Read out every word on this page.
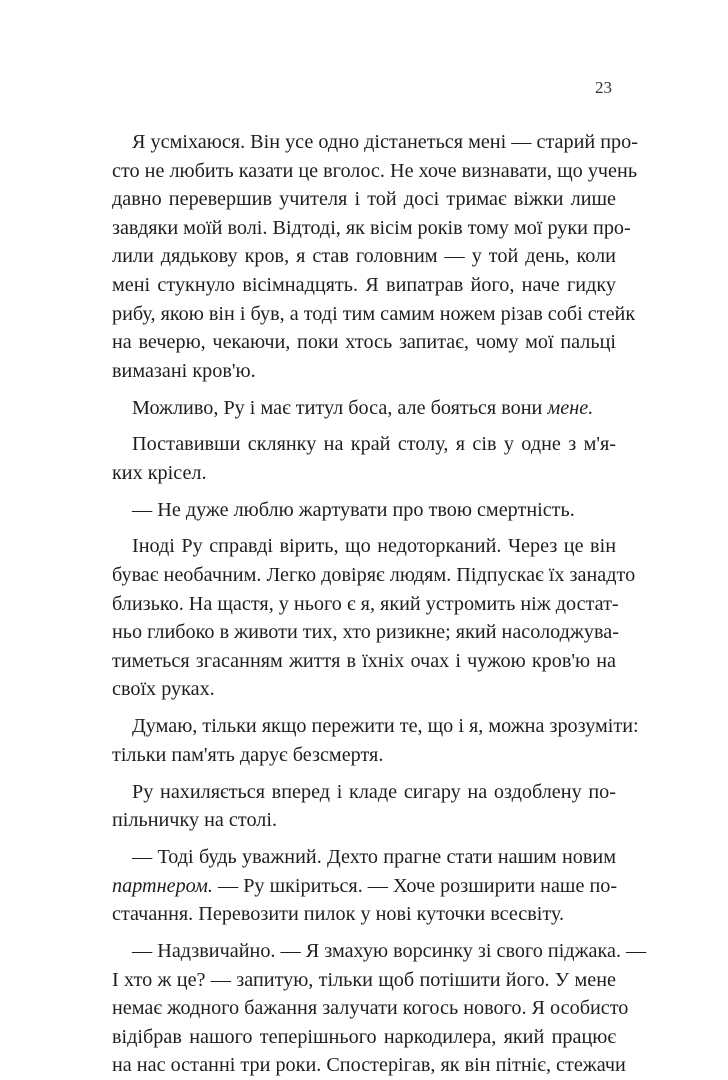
23
Я усміхаюся. Він усе одно дістанеться мені — старий про-
сто не любить казати це вголос. Не хоче визнавати, що учень
давно перевершив учителя і той досі тримає віжки лише
завдяки моїй волі. Відтоді, як вісім років тому мої руки про-
лили дядькову кров, я став головним — у той день, коли
мені стукнуло вісімнадцять. Я випатрав його, наче гидку
рибу, якою він і був, а тоді тим самим ножем різав собі стейк
на вечерю, чекаючи, поки хтось запитає, чому мої пальці
вимазані кров'ю.
Можливо, Ру і має титул боса, але бояться вони мене.
Поставивши склянку на край столу, я сів у одне з м'я-
ких крісел.
— Не дуже люблю жартувати про твою смертність.
Іноді Ру справді вірить, що недоторканий. Через це він
буває необачним. Легко довіряє людям. Підпускає їх занадто
близько. На щастя, у нього є я, який устромить ніж достат-
ньо глибоко в животи тих, хто ризикне; який насолоджува-
тиметься згасанням життя в їхніх очах і чужою кров'ю на
своїх руках.
Думаю, тільки якщо пережити те, що і я, можна зрозуміти:
тільки пам'ять дарує безсмертя.
Ру нахиляється вперед і кладе сигару на оздоблену по-
пільничку на столі.
— Тоді будь уважний. Дехто прагне стати нашим новим
партнером. — Ру шкіриться. — Хоче розширити наше по-
стачання. Перевозити пилок у нові куточки всесвіту.
— Надзвичайно. — Я змахую ворсинку зі свого піджака. —
І хто ж це? — запитую, тільки щоб потішити його. У мене
немає жодного бажання залучати когось нового. Я особисто
відібрав нашого теперішнього наркодилера, який працює
на нас останні три роки. Спостерігав, як він пітніє, стежачи
